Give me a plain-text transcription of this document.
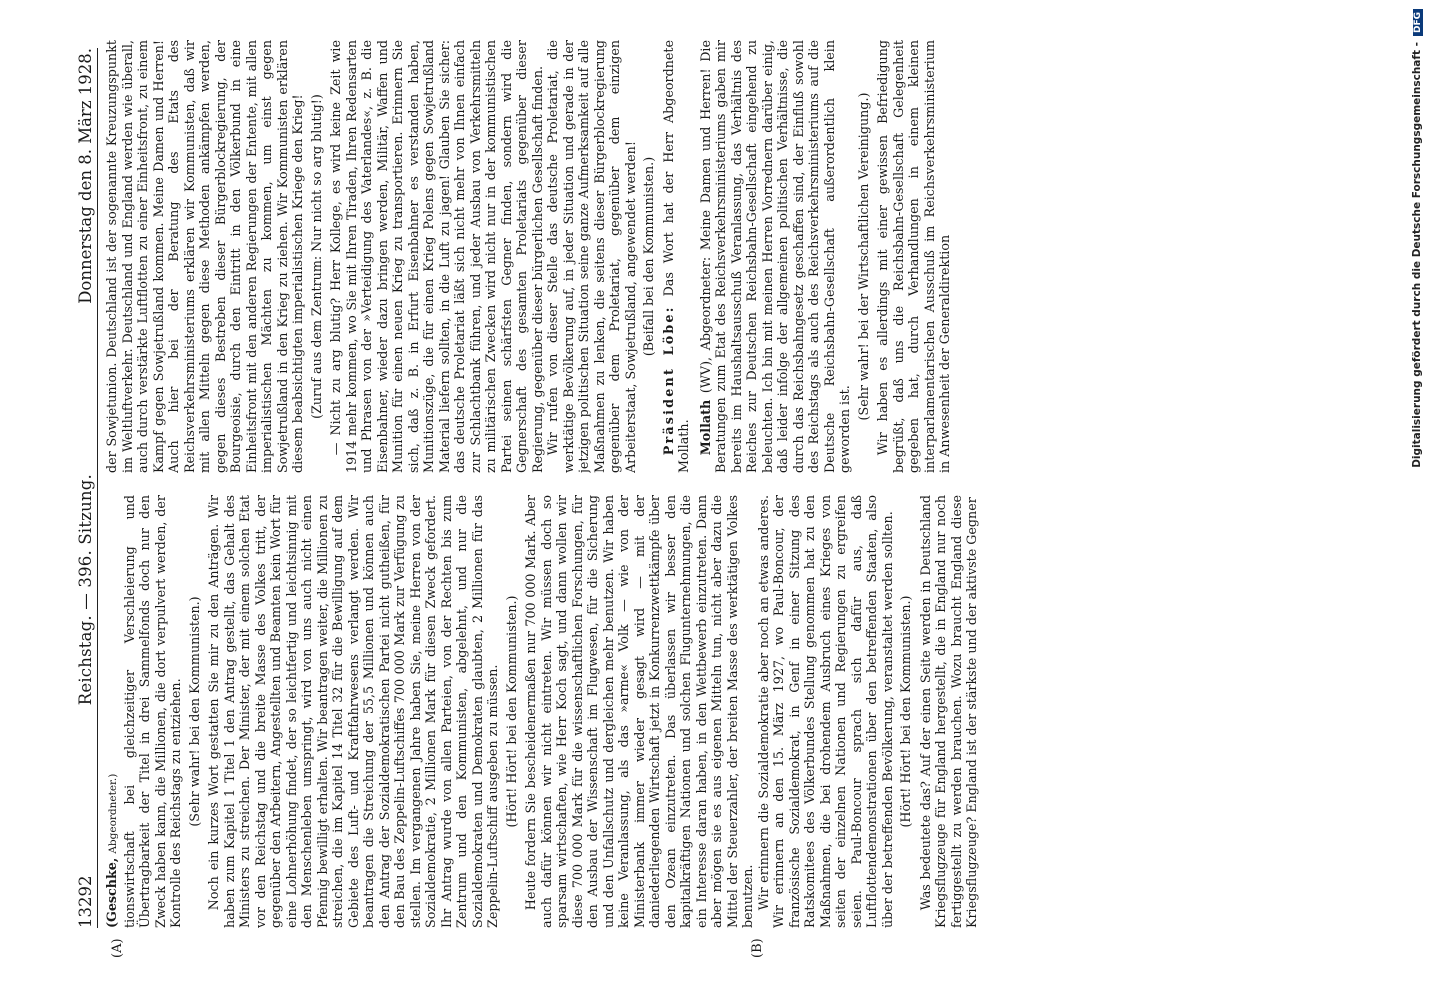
13292
Reichstag. — 396. Sitzung.
Donnerstag den 8. März 1928.

(Geschke, Abgeordneter.) tionswirtschaft bei gleichzeitiger Verschleierung und Übertragbarkeit der Titel in drei Sammelfonds doch nur den Zweck haben kann, die Millionen, die dort verpulvert werden, der Kontrolle des Reichstags zu entziehen. (Sehr wahr! bei den Kommunisten.) Noch ein kurzes Wort gestatten Sie mir zu den Anträgen. Wir haben zum Kapitel 1 Titel 1 den Antrag gestellt, das Gehalt des Ministers zu streichen. Der Minister, der mit einem solchen Etat vor den Reichstag und die breite Masse des Volkes tritt, der gegenüber den Arbeitern, Angestellten und Beamten kein Wort für eine Lohnerhöhung findet, der so leichtfertig und leichtsinnig mit den Menschenleben umspringt, wird von uns auch nicht einen Pfennig bewilligt erhalten. Wir beantragen weiter, die Millionen zu streichen, die im Kapitel 14 Titel 32 für die Bewilligung auf dem Gebiete des Luft- und Kraftfahrwesens verlangt werden. Wir beantragen die Streichung der 55,5 Millionen und können auch den Antrag der Sozialdemokratischen Partei nicht gutheißen, für den Bau des Zeppelin-Luftschiffes 700 000 Mark zur Verfügung zu stellen. Im vergangenen Jahre haben Sie, meine Herren von der Sozialdemokratie, 2 Millionen Mark für diesen Zweck gefordert. Ihr Antrag wurde von allen Parteien, von der Rechten bis zum Zentrum und den Kommunisten, abgelehnt, und nur die Sozialdemokraten und Demokraten glaubten, 2 Millionen für das Zeppelin-Luftschiff ausgeben zu müssen. (Hört! Hört! bei den Kommunisten.) Heute fordern Sie bescheidenermaßen nur 700 000 Mark. Aber auch dafür können wir nicht eintreten. Wir müssen doch so sparsam wirtschaften, wie Herr Koch sagt, und dann wollen wir diese 700 000 Mark für die wissenschaftlichen Forschungen, für den Ausbau der Wissenschaft im Flugwesen, für die Sicherung und den Unfallschutz und dergleichen mehr benutzen. Wir haben keine Veranlassung, als das »arme« Volk — wie von der Ministerbank immer wieder gesagt wird — mit der daniederliegenden Wirtschaft jetzt in Konkurrenzwettkämpfe über den Ozean einzutreten. Das überlassen wir besser den kapitalkräftigen Nationen und solchen Flugunternehmungen, die ein Interesse daran haben, in den Wettbewerb einzutreten. Dann aber mögen sie es aus eigenen Mitteln tun, nicht aber dazu die Mittel der Steuerzahler, der breiten Masse des werktätigen Volkes benutzen. Wir erinnern die Sozialdemokratie aber noch an etwas anderes. Wir erinnern an den 15. März 1927, wo Paul-Boncour, der französische Sozialdemokrat, in Genf in einer Sitzung des Ratskomitees des Völkerbundes Stellung genommen hat zu den Maßnahmen, die bei drohendem Ausbruch eines Krieges von seiten der einzelnen Nationen und Regierungen zu ergreifen seien. Paul-Boncour sprach sich dafür aus, daß Luftflottendemonstrationen über den betreffenden Staaten, also über der betreffenden Bevölkerung, veranstaltet werden sollten. (Hört! Hört! bei den Kommunisten.) Was bedeutete das? Auf der einen Seite werden in Deutschland Kriegsflugzeuge für England hergestellt, die in England nur noch fertiggestellt zu werden brauchen. Wozu braucht England diese Kriegsflugzeuge? England ist der stärkste und der aktivste Gegner

der Sowjetunion. Deutschland ist der sogenannte Kreuzungspunkt im Weltluftverkehr. Deutschland und England werden wie überall, auch durch verstärkte Luftflotten zu einer Einheitsfront, zu einem Kampf gegen Sowjetrußland kommen. Meine Damen und Herren! Auch hier bei der Beratung des Etats des Reichsverkehrsministeriums erklären wir Kommunisten, daß wir mit allen Mitteln gegen diese Methoden ankämpfen werden, gegen dieses Bestreben dieser Bürgerblockregierung, der Bourgeoisie, durch den Eintritt in den Völkerbund in eine Einheitsfront mit den anderen Regierungen der Entente, mit allen imperialistischen Mächten zu kommen, um einst gegen Sowjetrußland in den Krieg zu ziehen. Wir Kommunisten erklären diesem beabsichtigten imperialistischen Kriege den Krieg! (Zuruf aus dem Zentrum: Nur nicht so arg blutig!) — Nicht zu arg blutig? Herr Kollege, es wird keine Zeit wie 1914 mehr kommen, wo Sie mit Ihren Tiraden, Ihren Redensarten und Phrasen von der »Verteidigung des Vaterlandes«, z. B. die Eisenbahner, wieder dazu bringen werden, Militär, Waffen und Munition für einen neuen Krieg zu transportieren. Erinnern Sie sich, daß z. B. in Erfurt Eisenbahner es verstanden haben, Munitionszüge, die für einen Krieg Polens gegen Sowjetrußland Material liefern sollten, in die Luft zu jagen! Glauben Sie sicher: das deutsche Proletariat läßt sich nicht mehr von Ihnen einfach zur Schlachtbank führen, und jeder Ausbau von Verkehrsmitteln zu militärischen Zwecken wird nicht nur in der kommunistischen Partei seinen schärfsten Gegner finden, sondern wird die Gegnerschaft des gesamten Proletariats gegenüber dieser Regierung, gegenüber dieser bürgerlichen Gesellschaft finden. Wir rufen von dieser Stelle das deutsche Proletariat, die werktätige Bevölkerung auf, in jeder Situation und gerade in der jetzigen politischen Situation seine ganze Aufmerksamkeit auf alle Maßnahmen zu lenken, die seitens dieser Bürgerblockregierung gegenüber dem Proletariat, gegenüber dem einzigen Arbeiterstaat, Sowjetrußland, angewendet werden! (Beifall bei den Kommunisten.)

Präsident Löbe: Das Wort hat der Herr Abgeordnete Mollath. Mollath (WV), Abgeordneter: Meine Damen und Herren! Die Beratungen zum Etat des Reichsverkehrsministeriums gaben mir bereits im Haushaltsausschuß Veranlassung, das Verhältnis des Reiches zur Deutschen Reichsbahn-Gesellschaft eingehend zu beleuchten. Ich bin mit meinen Herren Vorrednern darüber einig, daß leider infolge der allgemeinen politischen Verhältnisse, die durch das Reichsbahngesetz geschaffen sind, der Einfluß sowohl des Reichstags als auch des Reichsverkehrsministeriums auf die Deutsche Reichsbahn-Gesellschaft außerordentlich klein geworden ist.

(Sehr wahr! bei der Wirtschaftlichen Vereinigung.) Wir haben es allerdings mit einer gewissen Befriedigung begrüßt, daß uns die Reichsbahn-Gesellschaft Gelegenheit gegeben hat, durch Verhandlungen in einem kleinen interparlamentarischen Ausschuß im Reichsverkehrsministerium in Anwesenheit der Generaldirektion

(A)	(B)
Digitalisierung gefördert durch die Deutsche Forschungsgemeinschaft -DFG
